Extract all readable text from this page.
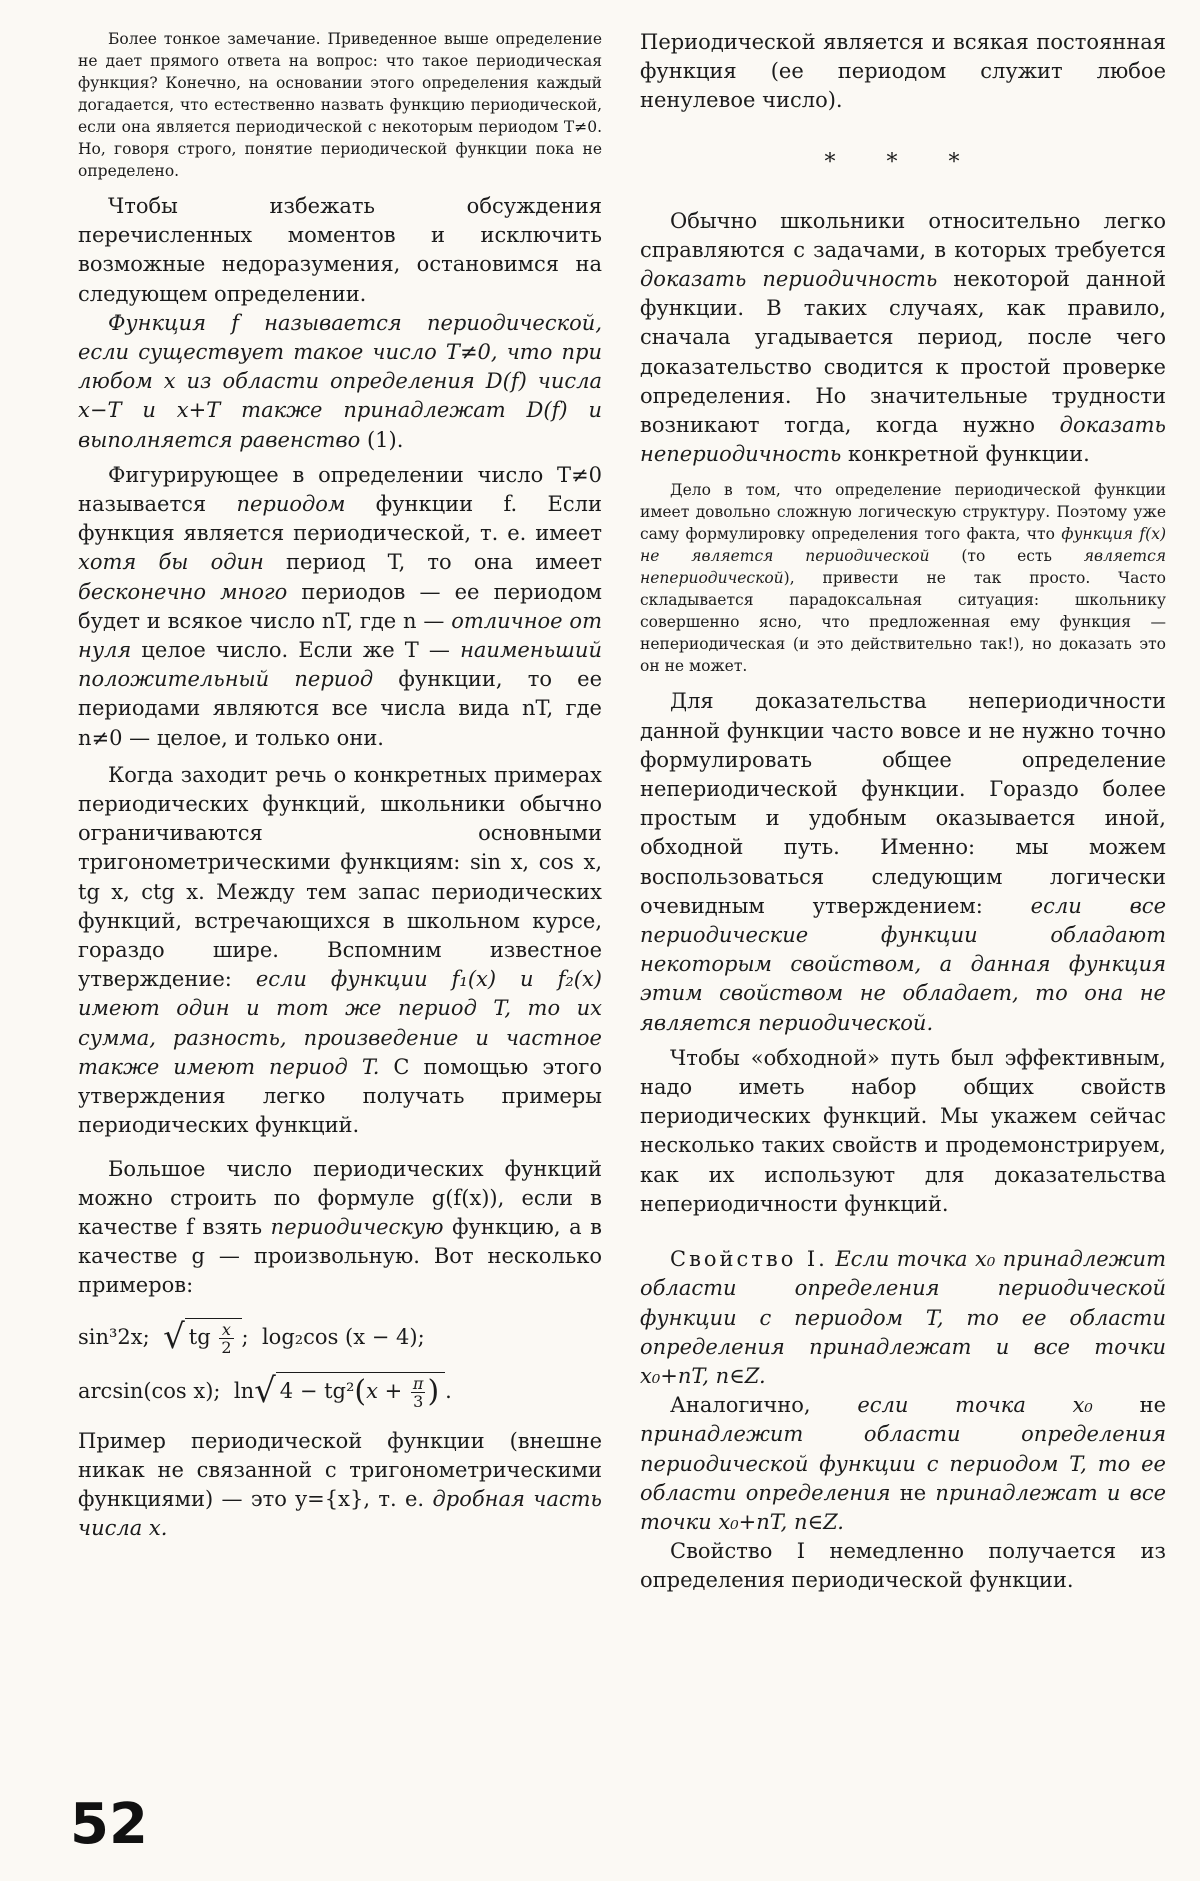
Более тонкое замечание. Приведенное выше определение не дает прямого ответа на вопрос: что такое периодическая функция? Конечно, на основании этого определения каждый догадается, что естественно назвать функцию периодической, если она является периодической с некоторым периодом T≠0. Но, говоря строго, понятие периодической функции пока не определено.

Чтобы избежать обсуждения перечисленных моментов и исключить возможные недоразумения, остановимся на следующем определении.

Функция f называется периодической, если существует такое число T≠0, что при любом x из области определения D(f) числа x−T и x+T также принадлежат D(f) и выполняется равенство (1).

Фигурирующее в определении число T≠0 называется периодом функции f. Если функция является периодической, т. е. имеет хотя бы один период T, то она имеет бесконечно много периодов — ее периодом будет и всякое число nT, где n — отличное от нуля целое число. Если же T — наименьший положительный период функции, то ее периодами являются все числа вида nT, где n≠0 — целое, и только они.

Когда заходит речь о конкретных примерах периодических функций, школьники обычно ограничиваются основными тригонометрическими функциям: sin x, cos x, tg x, ctg x. Между тем запас периодических функций, встречающихся в школьном курсе, гораздо шире. Вспомним известное утверждение: если функции f₁(x) и f₂(x) имеют один и тот же период T, то их сумма, разность, произведение и частное также имеют период T. С помощью этого утверждения легко получать примеры периодических функций.

Большое число периодических функций можно строить по формуле g(f(x)), если в качестве f взять периодическую функцию, а в качестве g — произвольную. Вот несколько примеров:

sin³2x; √ tg $\frac{x}{2}$ ; log₂cos (x − 4);
arcsin(cos x); ln√ $4 - tg^2(x + \frac{\pi}{3}$ ) .

Пример периодической функции (внешне никак не связанной с тригонометрическими функциями) — это y={x}, т. е. дробная часть числа x.

Периодической является и всякая постоянная функция (ее периодом служит любое ненулевое число).

* * *

Обычно школьники относительно легко справляются с задачами, в которых требуется доказать периодичность некоторой данной функции. В таких случаях, как правило, сначала угадывается период, после чего доказательство сводится к простой проверке определения. Но значительные трудности возникают тогда, когда нужно доказать непериодичность конкретной функции.

Дело в том, что определение периодической функции имеет довольно сложную логическую структуру. Поэтому уже саму формулировку определения того факта, что функция f(x) не является периодической (то есть является непериодической), привести не так просто. Часто складывается парадоксальная ситуация: школьнику совершенно ясно, что предложенная ему функция — непериодическая (и это действительно так!), но доказать это он не может.

Для доказательства непериодичности данной функции часто вовсе и не нужно точно формулировать общее определение непериодической функции. Гораздо более простым и удобным оказывается иной, обходной путь. Именно: мы можем воспользоваться следующим логически очевидным утверждением: если все периодические функции обладают некоторым свойством, а данная функция этим свойством не обладает, то она не является периодической.

Чтобы «обходной» путь был эффективным, надо иметь набор общих свойств периодических функций. Мы укажем сейчас несколько таких свойств и продемонстрируем, как их используют для доказательства непериодичности функций.

Свойство I. Если точка x₀ принадлежит области определения периодической функции с периодом T, то ее области определения принадлежат и все точки x₀+nT, n∈Z.

Аналогично, если точка x₀ не принадлежит области определения периодической функции с периодом T, то ее области определения не принадлежат и все точки x₀+nT, n∈Z.

Свойство I немедленно получается из определения периодической функции.

52
